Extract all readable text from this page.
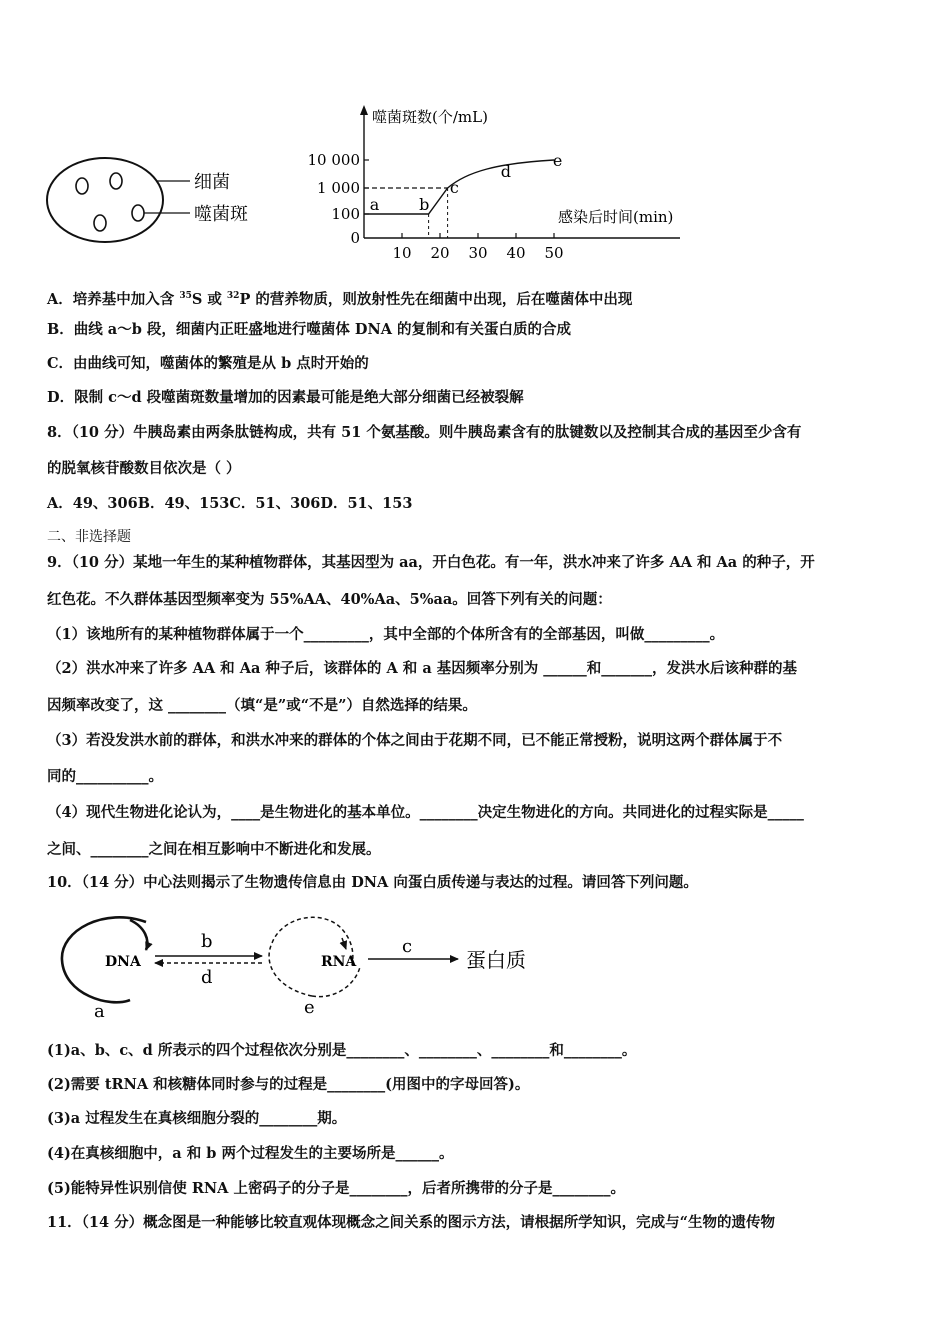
细菌
噬菌斑
噬菌斑数(个/mL)
感染后时间(min)
10 20 30 40 50
0
100
1 000
10 000
a b
c
d
e
A．培养基中加入含 $^{35}$S 或 $^{32}$P 的营养物质，则放射性先在细菌中出现，后在噬菌体中出现
B．曲线 a～b 段，细菌内正旺盛地进行噬菌体 DNA 的复制和有关蛋白质的合成
C．由曲线可知，噬菌体的繁殖是从 b 点时开始的
D．限制 c～d 段噬菌斑数量增加的因素最可能是绝大部分细菌已经被裂解
8．（10 分）牛胰岛素由两条肽链构成，共有 51 个氨基酸。则牛胰岛素含有的肽键数以及控制其合成的基因至少含有
的脱氧核苷酸数目依次是（ ）
A．49、306B．49、153C．51、306D．51、153
二、非选择题
9．（10 分）某地一年生的某种植物群体，其基因型为 aa，开白色花。有一年，洪水冲来了许多 AA 和 Aa 的种子，开
红色花。不久群体基因型频率变为 55%AA、40%Aa、5%aa。回答下列有关的问题：
（1）该地所有的某种植物群体属于一个_________，其中全部的个体所含有的全部基因，叫做_________。
（2）洪水冲来了许多 AA 和 Aa 种子后，该群体的 A 和 a 基因频率分别为 ______和_______，发洪水后该种群的基
因频率改变了，这 ________（填“是”或“不是”）自然选择的结果。
（3）若没发洪水前的群体，和洪水冲来的群体的个体之间由于花期不同，已不能正常授粉，说明这两个群体属于不
同的__________。
（4）现代生物进化论认为，____是生物进化的基本单位。________决定生物进化的方向。共同进化的过程实际是_____
之间、________之间在相互影响中不断进化和发展。
10．（14 分）中心法则揭示了生物遗传信息由 DNA 向蛋白质传递与表达的过程。请回答下列问题。
DNA
a
b
d
RNA
e
c
蛋白质
(1)a、b、c、d 所表示的四个过程依次分别是________、________、________和________。
(2)需要 tRNA 和核糖体同时参与的过程是________(用图中的字母回答)。
(3)a 过程发生在真核细胞分裂的________期。
(4)在真核细胞中，a 和 b 两个过程发生的主要场所是______。
(5)能特异性识别信使 RNA 上密码子的分子是________，后者所携带的分子是________。
11．（14 分）概念图是一种能够比较直观体现概念之间关系的图示方法，请根据所学知识，完成与“生物的遗传物
